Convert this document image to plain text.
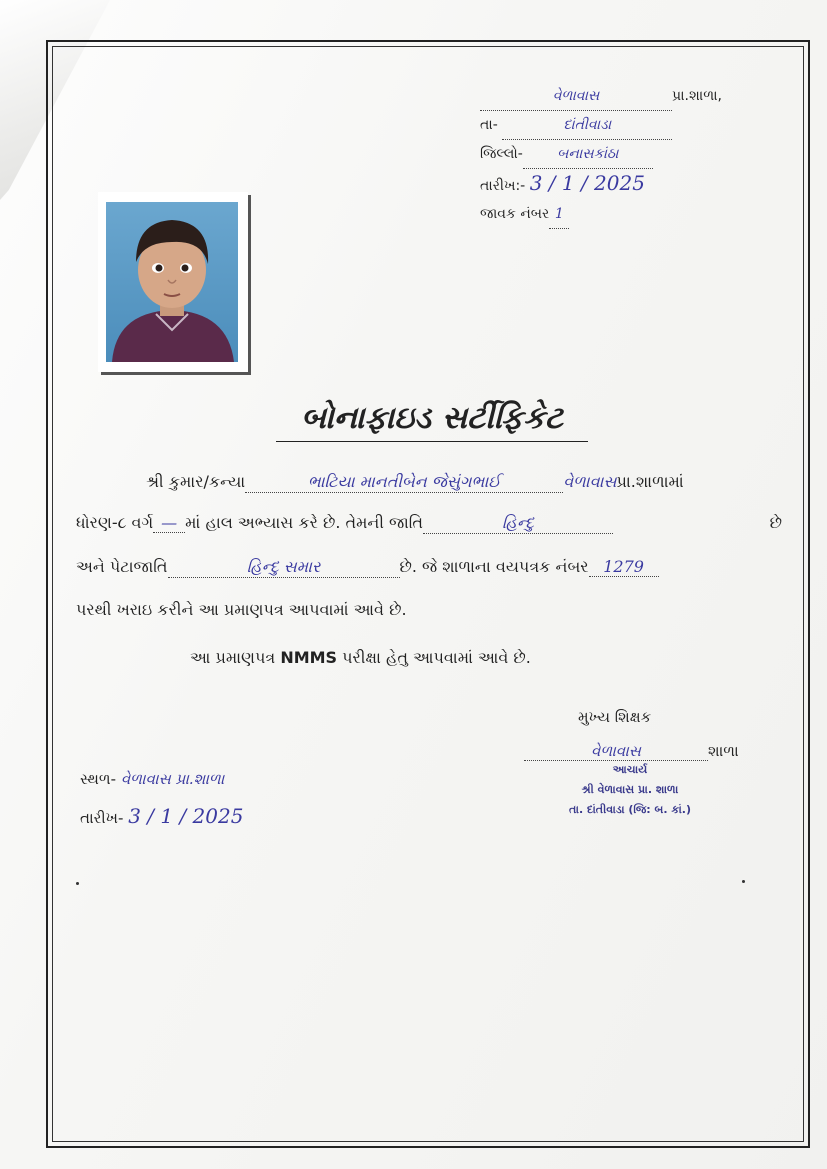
વેળાવાસ	પ્રા.શાળા,
તા-	દાંતીવાડા
જિલ્લો- બનાસકાંઠા
તારીખ:- 3 / 1 / 2025
જાવક નંબર 1
બોનાફાઇડ સર્ટીફિકેટ
શ્રી કુમાર/કન્યા	ભાટિયા માનતીબેન જેસુંગભાઈ	વેળાવાસપ્રા.શાળામાં
ધોરણ-૮ વર્ગ — માં હાલ અભ્યાસ કરે છે. તેમની જાતિ	હિન્દુ	છે
અને પેટાજાતિ	હિન્દુ સમાર	છે. જે શાળાના વયપત્રક નંબર 1279
પરથી ખરાઇ કરીને આ પ્રમાણપત્ર આપવામાં આવે છે.
આ પ્રમાણપત્ર NMMS પરીક્ષા હેતુ આપવામાં આવે છે.
મુખ્ય શિક્ષક
વેળાવાસ	શાળા
આચાર્ય
શ્રી વેળાવાસ પ્રા. શાળા
તા. દાંતીવાડા (જિ: બ. કાં.)
સ્થળ- વેળાવાસ પ્રા.શાળા
તારીખ- 3 / 1 / 2025
